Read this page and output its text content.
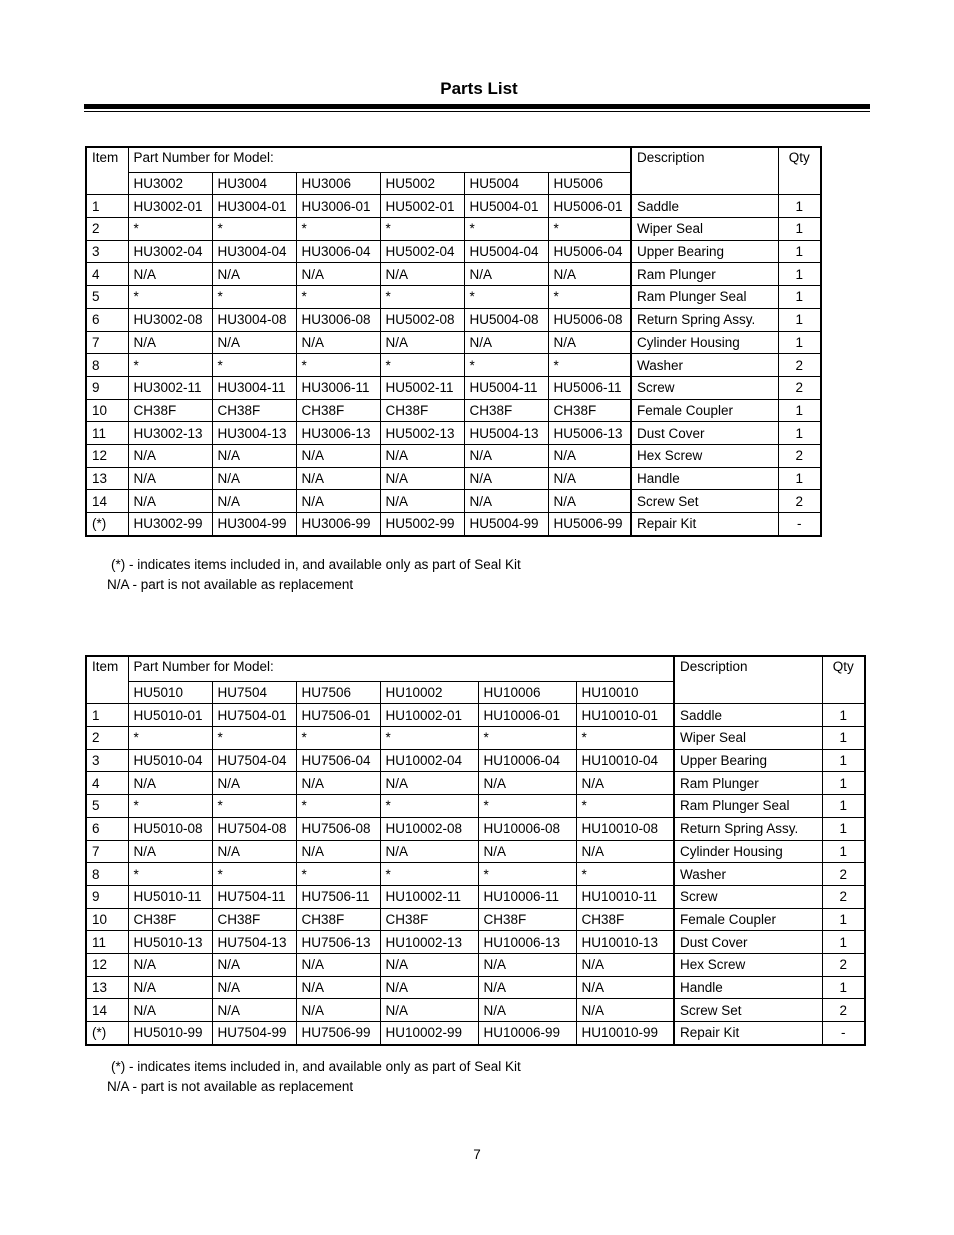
Parts List
Item	Part Number for Model:						Description	Qty
	HU3002	HU3004	HU3006	HU5002	HU5004	HU5006		
1	HU3002-01	HU3004-01	HU3006-01	HU5002-01	HU5004-01	HU5006-01	Saddle	1
2	*	*	*	*	*	*	Wiper Seal	1
3	HU3002-04	HU3004-04	HU3006-04	HU5002-04	HU5004-04	HU5006-04	Upper Bearing	1
4	N/A	N/A	N/A	N/A	N/A	N/A	Ram Plunger	1
5	*	*	*	*	*	*	Ram Plunger Seal	1
6	HU3002-08	HU3004-08	HU3006-08	HU5002-08	HU5004-08	HU5006-08	Return Spring Assy.	1
7	N/A	N/A	N/A	N/A	N/A	N/A	Cylinder Housing	1
8	*	*	*	*	*	*	Washer	2
9	HU3002-11	HU3004-11	HU3006-11	HU5002-11	HU5004-11	HU5006-11	Screw	2
10	CH38F	CH38F	CH38F	CH38F	CH38F	CH38F	Female Coupler	1
11	HU3002-13	HU3004-13	HU3006-13	HU5002-13	HU5004-13	HU5006-13	Dust Cover	1
12	N/A	N/A	N/A	N/A	N/A	N/A	Hex Screw	2
13	N/A	N/A	N/A	N/A	N/A	N/A	Handle	1
14	N/A	N/A	N/A	N/A	N/A	N/A	Screw Set	2
(*)	HU3002-99	HU3004-99	HU3006-99	HU5002-99	HU5004-99	HU5006-99	Repair Kit	-
(*) - indicates items included in, and available only as part of Seal Kit
N/A - part is not available as replacement
Item	Part Number for Model:						Description	Qty
	HU5010	HU7504	HU7506	HU10002	HU10006	HU10010		
1	HU5010-01	HU7504-01	HU7506-01	HU10002-01	HU10006-01	HU10010-01	Saddle	1
2	*	*	*	*	*	*	Wiper Seal	1
3	HU5010-04	HU7504-04	HU7506-04	HU10002-04	HU10006-04	HU10010-04	Upper Bearing	1
4	N/A	N/A	N/A	N/A	N/A	N/A	Ram Plunger	1
5	*	*	*	*	*	*	Ram Plunger Seal	1
6	HU5010-08	HU7504-08	HU7506-08	HU10002-08	HU10006-08	HU10010-08	Return Spring Assy.	1
7	N/A	N/A	N/A	N/A	N/A	N/A	Cylinder Housing	1
8	*	*	*	*	*	*	Washer	2
9	HU5010-11	HU7504-11	HU7506-11	HU10002-11	HU10006-11	HU10010-11	Screw	2
10	CH38F	CH38F	CH38F	CH38F	CH38F	CH38F	Female Coupler	1
11	HU5010-13	HU7504-13	HU7506-13	HU10002-13	HU10006-13	HU10010-13	Dust Cover	1
12	N/A	N/A	N/A	N/A	N/A	N/A	Hex Screw	2
13	N/A	N/A	N/A	N/A	N/A	N/A	Handle	1
14	N/A	N/A	N/A	N/A	N/A	N/A	Screw Set	2
(*)	HU5010-99	HU7504-99	HU7506-99	HU10002-99	HU10006-99	HU10010-99	Repair Kit	-
(*) - indicates items included in, and available only as part of Seal Kit
N/A - part is not available as replacement
7
